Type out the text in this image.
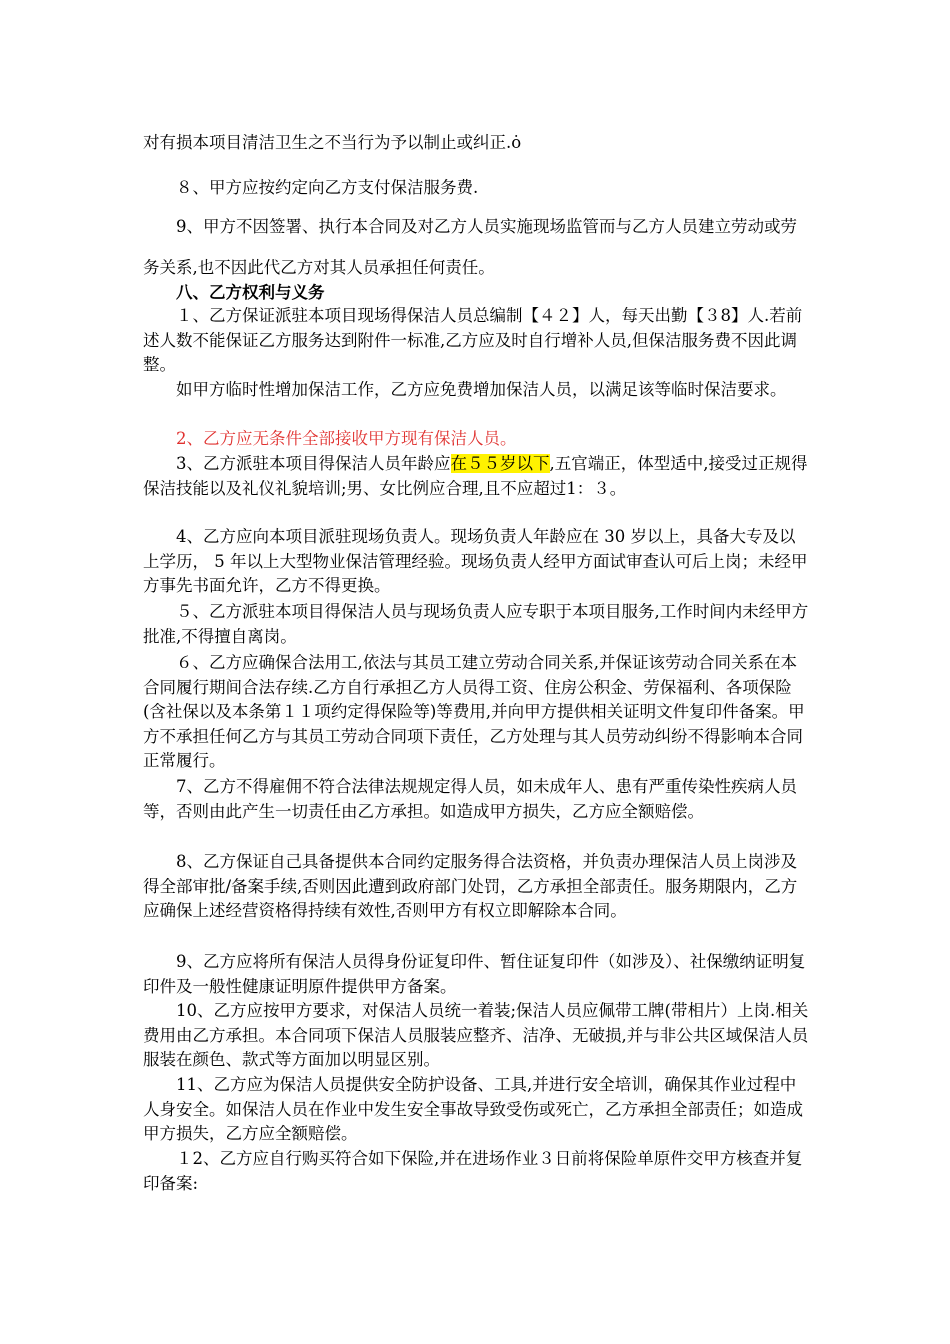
对有损本项目清洁卫生之不当行为予以制止或纠正.ȯ

８、甲方应按约定向乙方支付保洁服务费.

9、甲方不因签署、执行本合同及对乙方人员实施现场监管而与乙方人员建立劳动或劳务关系,也不因此代乙方对其人员承担任何责任。

八、乙方权利与义务

１、乙方保证派驻本项目现场得保洁人员总编制【４２】人，每天出勤【３8】人.若前述人数不能保证乙方服务达到附件一标准,乙方应及时自行增补人员,但保洁服务费不因此调整。

如甲方临时性增加保洁工作，乙方应免费增加保洁人员，以满足该等临时保洁要求。

2、乙方应无条件全部接收甲方现有保洁人员。

3、乙方派驻本项目得保洁人员年龄应在５５岁以下,五官端正，体型适中,接受过正规得保洁技能以及礼仪礼貌培训;男、女比例应合理,且不应超过1：３。

4、乙方应向本项目派驻现场负责人。现场负责人年龄应在 30 岁以上，具备大专及以上学历， 5 年以上大型物业保洁管理经验。现场负责人经甲方面试审查认可后上岗；未经甲方事先书面允许，乙方不得更换。

５、乙方派驻本项目得保洁人员与现场负责人应专职于本项目服务,工作时间内未经甲方批准,不得擅自离岗。

６、乙方应确保合法用工,依法与其员工建立劳动合同关系,并保证该劳动合同关系在本合同履行期间合法存续.乙方自行承担乙方人员得工资、住房公积金、劳保福利、各项保险(含社保以及本条第１１项约定得保险等)等费用,并向甲方提供相关证明文件复印件备案。甲方不承担任何乙方与其员工劳动合同项下责任，乙方处理与其人员劳动纠纷不得影响本合同正常履行。

7、乙方不得雇佣不符合法律法规规定得人员，如未成年人、患有严重传染性疾病人员等，否则由此产生一切责任由乙方承担。如造成甲方损失，乙方应全额赔偿。

8、乙方保证自己具备提供本合同约定服务得合法资格，并负责办理保洁人员上岗涉及得全部审批/备案手续,否则因此遭到政府部门处罚，乙方承担全部责任。服务期限内，乙方应确保上述经营资格得持续有效性,否则甲方有权立即解除本合同。

9、乙方应将所有保洁人员得身份证复印件、暂住证复印件（如涉及）、社保缴纳证明复印件及一般性健康证明原件提供甲方备案。

10、乙方应按甲方要求，对保洁人员统一着装;保洁人员应佩带工牌(带相片）上岗.相关费用由乙方承担。本合同项下保洁人员服装应整齐、洁净、无破损,并与非公共区域保洁人员服装在颜色、款式等方面加以明显区别。

11、乙方应为保洁人员提供安全防护设备、工具,并进行安全培训，确保其作业过程中人身安全。如保洁人员在作业中发生安全事故导致受伤或死亡，乙方承担全部责任；如造成甲方损失，乙方应全额赔偿。

１2、乙方应自行购买符合如下保险,并在进场作业３日前将保险单原件交甲方核查并复印备案:
